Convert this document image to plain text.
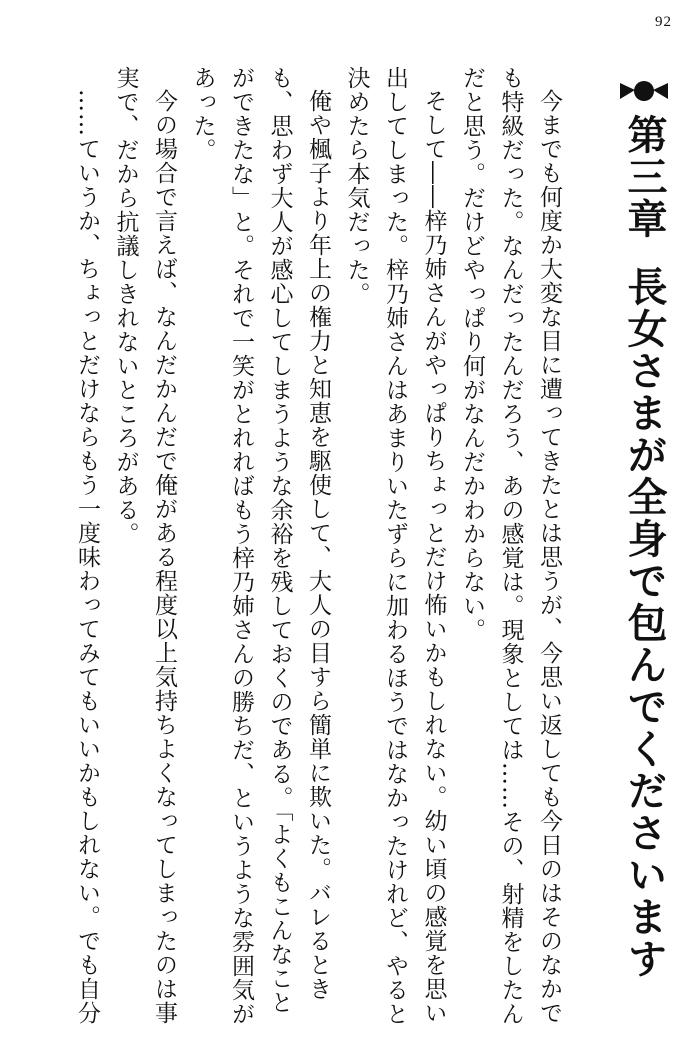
92
第三章長女さまが全身で包んでくださいます

今までも何度か大変な目に遭ってきたとは思うが、今思い返しても今日のはそのなかでも特級だった。なんだったんだろう、あの感覚は。現象としては……その、射精をしたんだと思う。だけどやっぱり何がなんだかわからない。

そして――梓乃姉さんがやっぱりちょっとだけ怖いかもしれない。幼い頃の感覚を思い出してしまった。梓乃姉さんはあまりいたずらに加わるほうではなかったけれど、やると決めたら本気だった。

俺や楓子より年上の権力と知恵を駆使して、大人の目すら簡単に欺いた。バレるときも、思わず大人が感心してしまうような余裕を残しておくのである。「よくもこんなことができたな」と。それで一笑がとれればもう梓乃姉さんの勝ちだ、というような雰囲気があった。

今の場合で言えば、なんだかんだで俺がある程度以上気持ちよくなってしまったのは事実で、だから抗議しきれないところがある。

……ていうか、ちょっとだけならもう一度味わってみてもいいかもしれない。でも自分
